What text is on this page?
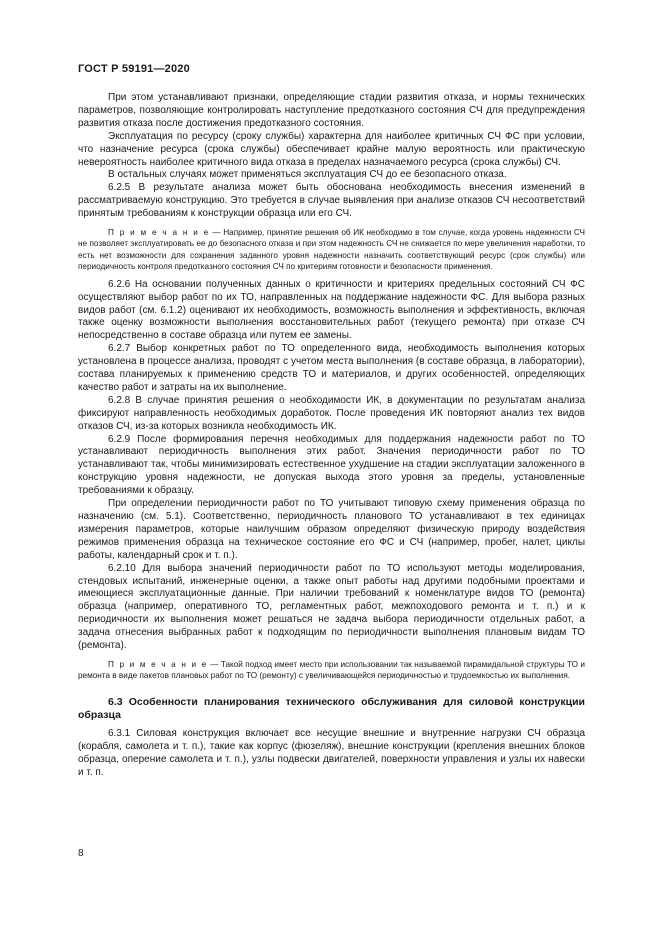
ГОСТ Р 59191—2020

При этом устанавливают признаки, определяющие стадии развития отказа, и нормы технических параметров, позволяющие контролировать наступление предотказного состояния СЧ для предупреждения развития отказа после достижения предотказного состояния.

Эксплуатация по ресурсу (сроку службы) характерна для наиболее критичных СЧ ФС при условии, что назначение ресурса (срока службы) обеспечивает крайне малую вероятность или практическую невероятность наиболее критичного вида отказа в пределах назначаемого ресурса (срока службы) СЧ.

В остальных случаях может применяться эксплуатация СЧ до ее безопасного отказа.

6.2.5 В результате анализа может быть обоснована необходимость внесения изменений в рассматриваемую конструкцию. Это требуется в случае выявления при анализе отказов СЧ несоответствий принятым требованиям к конструкции образца или его СЧ.

П р и м е ч а н и е — Например, принятие решения об ИК необходимо в том случае, когда уровень надежности СЧ не позволяет эксплуатировать ее до безопасного отказа и при этом надежность СЧ не снижается по мере увеличения наработки, то есть нет возможности для сохранения заданного уровня надежности назначить соответствующий ресурс (срок службы) или периодичность контроля предотказного состояния СЧ по критериям готовности и безопасности применения.

6.2.6 На основании полученных данных о критичности и критериях предельных состояний СЧ ФС осуществляют выбор работ по их ТО, направленных на поддержание надежности ФС. Для выбора разных видов работ (см. 6.1.2) оценивают их необходимость, возможность выполнения и эффективность, включая также оценку возможности выполнения восстановительных работ (текущего ремонта) при отказе СЧ непосредственно в составе образца или путем ее замены.

6.2.7 Выбор конкретных работ по ТО определенного вида, необходимость выполнения которых установлена в процессе анализа, проводят с учетом места выполнения (в составе образца, в лаборатории), состава планируемых к применению средств ТО и материалов, и других особенностей, определяющих качество работ и затраты на их выполнение.

6.2.8 В случае принятия решения о необходимости ИК, в документации по результатам анализа фиксируют направленность необходимых доработок. После проведения ИК повторяют анализ тех видов отказов СЧ, из-за которых возникла необходимость ИК.

6.2.9 После формирования перечня необходимых для поддержания надежности работ по ТО устанавливают периодичность выполнения этих работ. Значения периодичности работ по ТО устанавливают так, чтобы минимизировать естественное ухудшение на стадии эксплуатации заложенного в конструкцию уровня надежности, не допуская выхода этого уровня за пределы, установленные требованиями к образцу.

При определении периодичности работ по ТО учитывают типовую схему применения образца по назначению (см. 5.1). Соответственно, периодичность планового ТО устанавливают в тех единицах измерения параметров, которые наилучшим образом определяют физическую природу воздействия режимов применения образца на техническое состояние его ФС и СЧ (например, пробег, налет, циклы работы, календарный срок и т. п.).

6.2.10 Для выбора значений периодичности работ по ТО используют методы моделирования, стендовых испытаний, инженерные оценки, а также опыт работы над другими подобными проектами и имеющиеся эксплуатационные данные. При наличии требований к номенклатуре видов ТО (ремонта) образца (например, оперативного ТО, регламентных работ, межпоходового ремонта и т. п.) и к периодичности их выполнения может решаться не задача выбора периодичности отдельных работ, а задача отнесения выбранных работ к подходящим по периодичности выполнения плановым видам ТО (ремонта).

П р и м е ч а н и е — Такой подход имеет место при использовании так называемой пирамидальной структуры ТО и ремонта в виде пакетов плановых работ по ТО (ремонту) с увеличивающейся периодичностью и трудоемкостью их выполнения.

6.3 Особенности планирования технического обслуживания для силовой конструкции образца

6.3.1 Силовая конструкция включает все несущие внешние и внутренние нагрузки СЧ образца (корабля, самолета и т. п.), такие как корпус (фюзеляж), внешние конструкции (крепления внешних блоков образца, оперение самолета и т. п.), узлы подвески двигателей, поверхности управления и узлы их навески и т. п.

8
